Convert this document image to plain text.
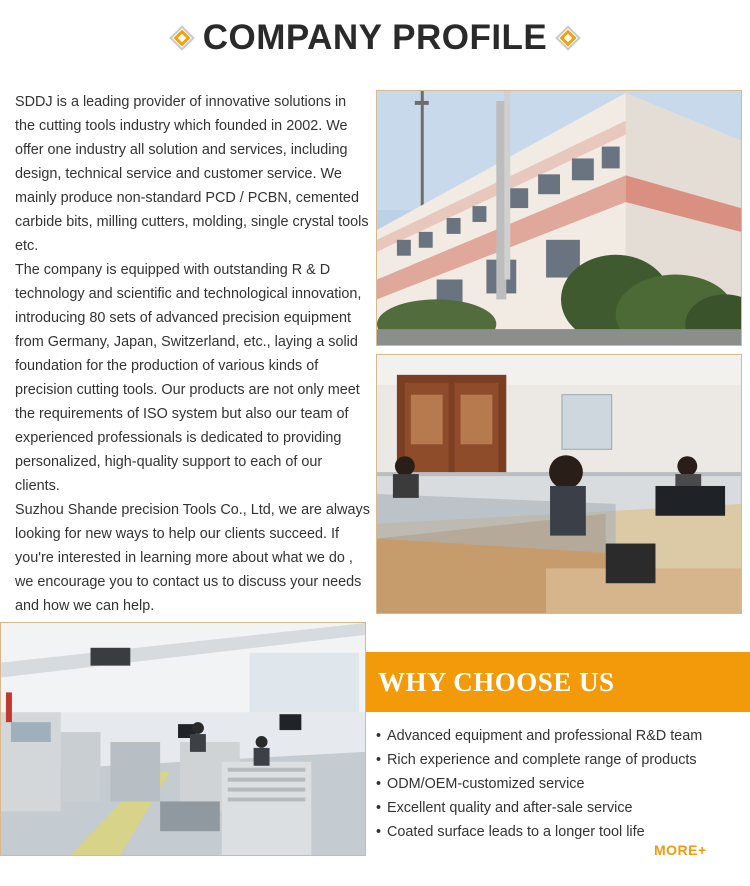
COMPANY PROFILE

SDDJ is a leading provider of innovative solutions in the cutting tools industry which founded in 2002. We offer one industry all solution and services, including design, technical service and customer service. We mainly produce non-standard PCD / PCBN, cemented carbide bits, milling cutters, molding, single crystal tools etc.

The company is equipped with outstanding R & D technology and scientific and technological innovation, introducing 80 sets of advanced precision equipment from Germany, Japan, Switzerland, etc., laying a solid foundation for the production of various kinds of precision cutting tools. Our products are not only meet the requirements of ISO system but also our team of experienced professionals is dedicated to providing personalized, high-quality support to each of our clients.

Suzhou Shande precision Tools Co., Ltd, we are always looking for new ways to help our clients succeed. If you're interested in learning more about what we do , we encourage you to contact us to discuss your needs and how we can help.

WHY CHOOSE US
• Advanced equipment and professional R&D team
• Rich experience and complete range of products
• ODM/OEM-customized service
• Excellent quality and after-sale service
• Coated surface leads to a longer tool life
MORE+
